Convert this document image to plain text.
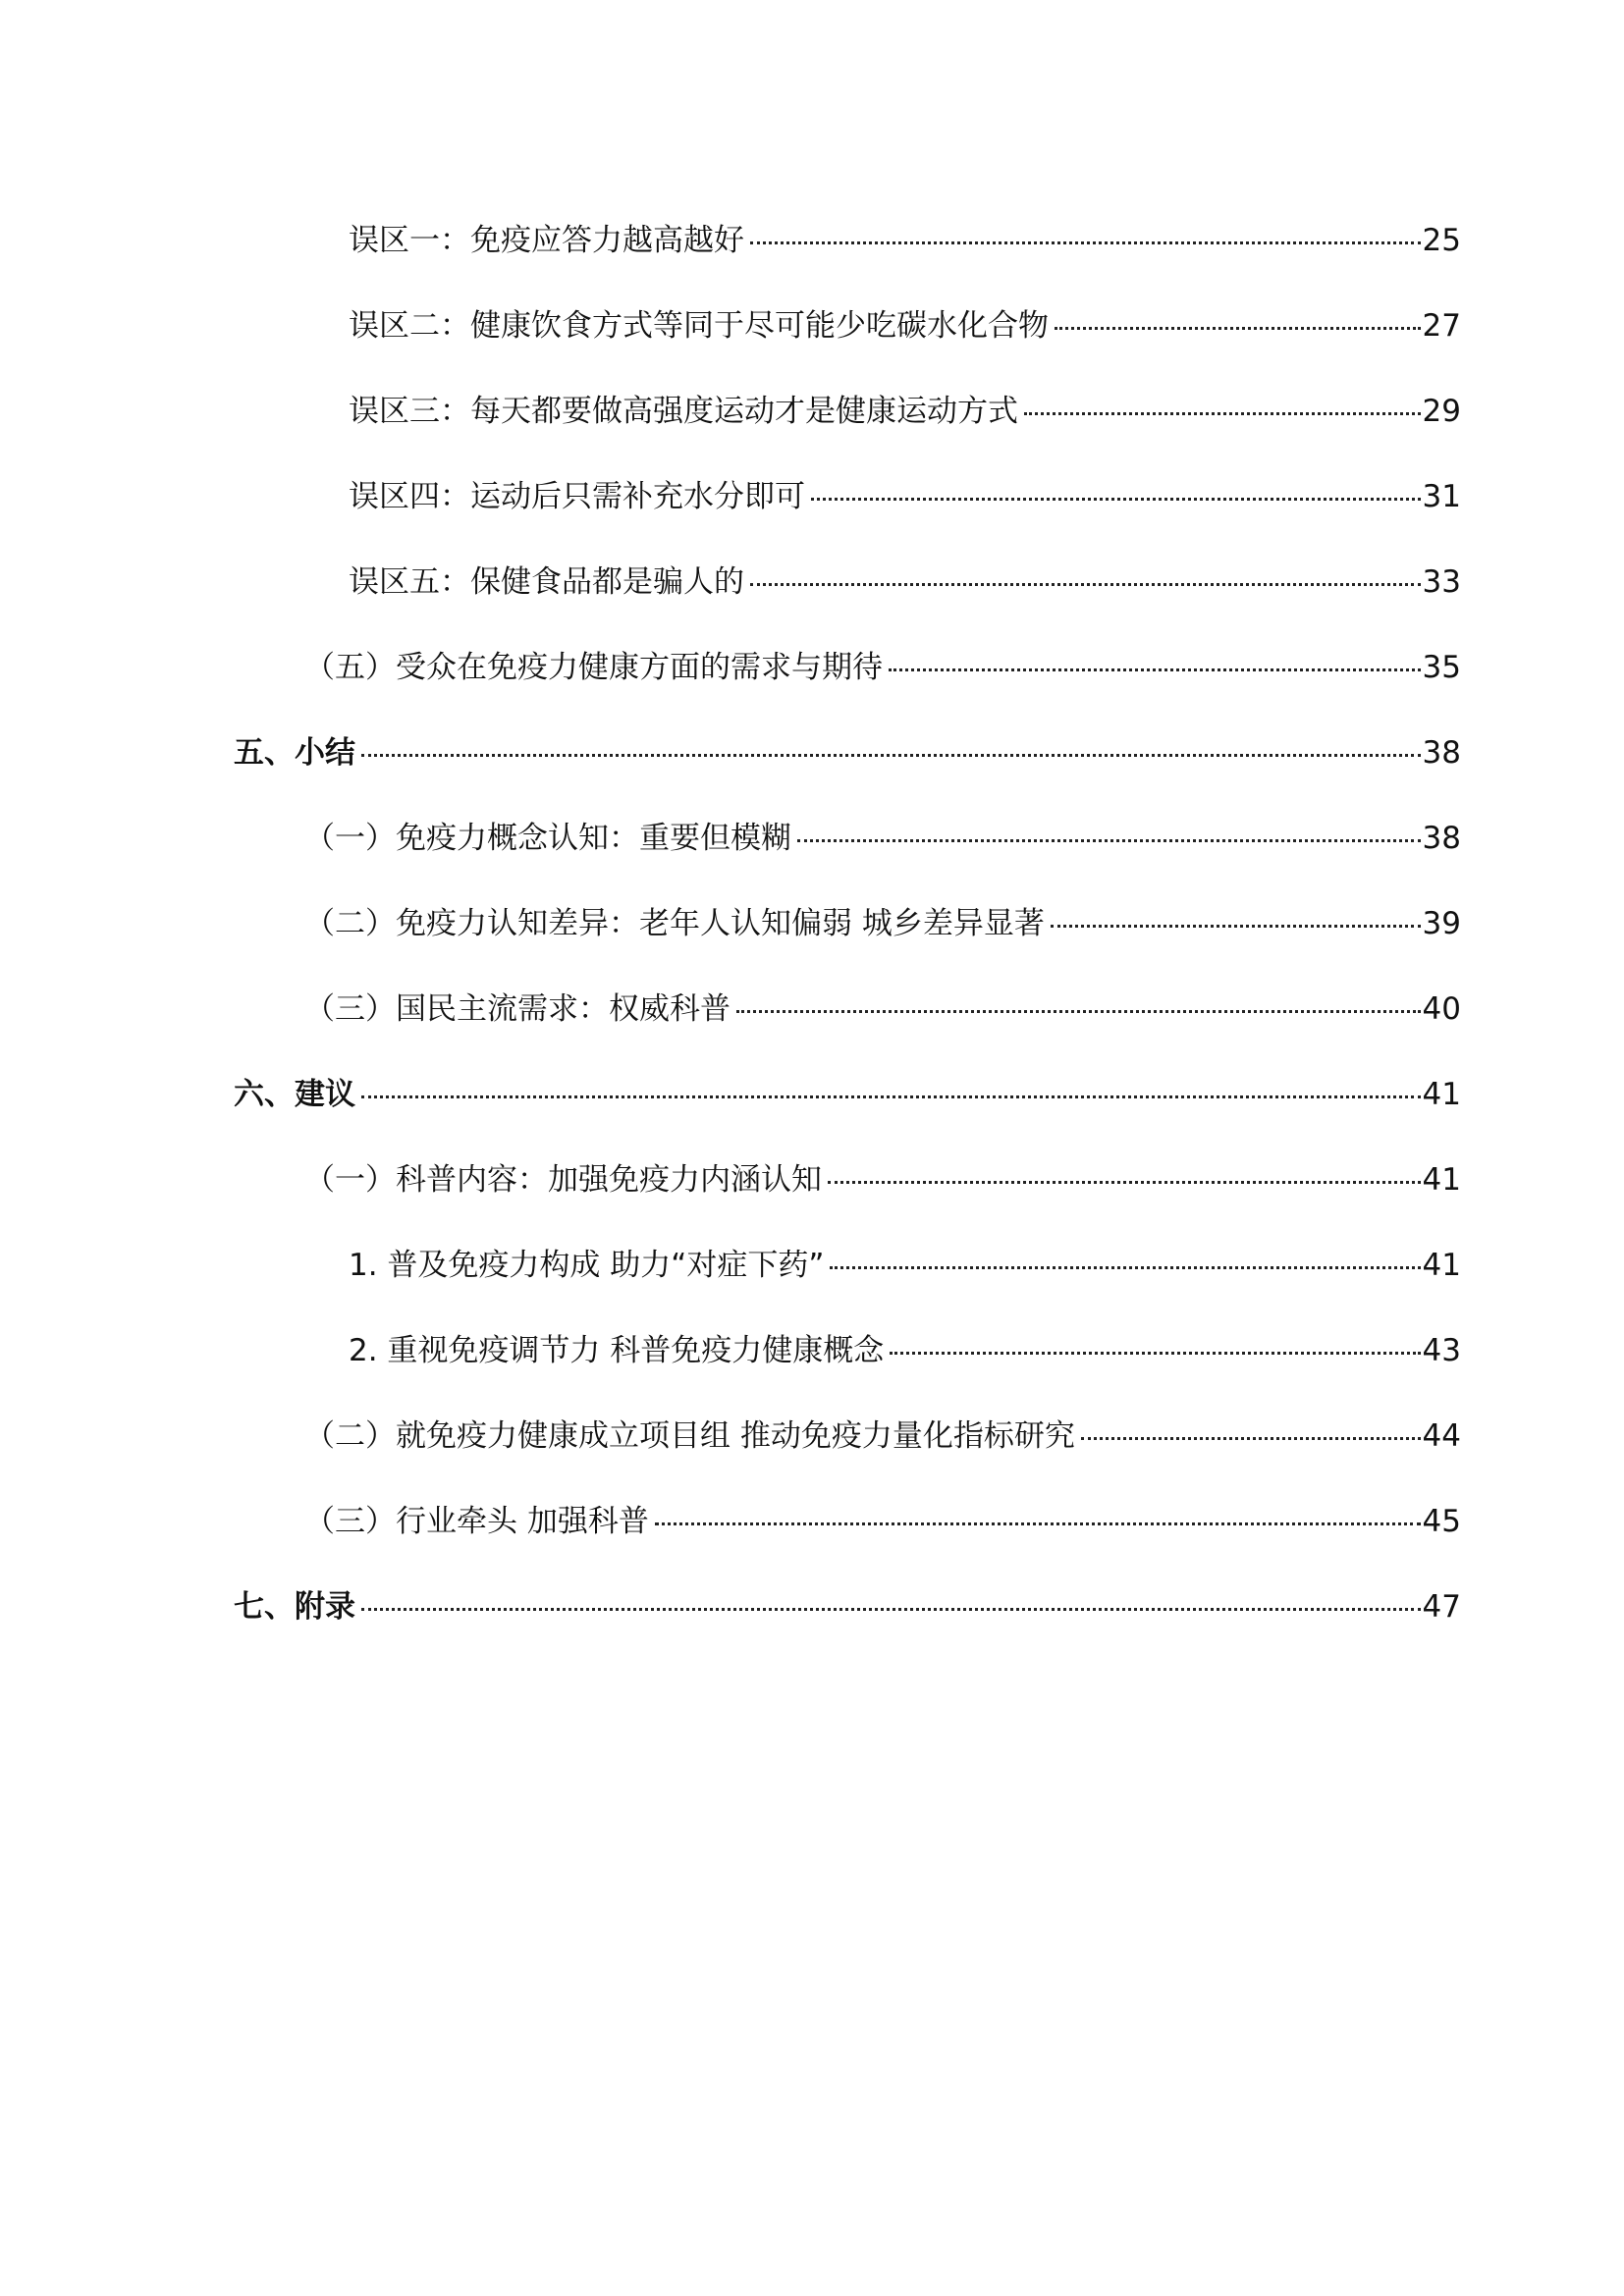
误区一：免疫应答力越高越好	25
误区二：健康饮食方式等同于尽可能少吃碳水化合物	27
误区三：每天都要做高强度运动才是健康运动方式	29
误区四：运动后只需补充水分即可	31
误区五：保健食品都是骗人的	33
（五）受众在免疫力健康方面的需求与期待	35
五、小结	38
（一）免疫力概念认知：重要但模糊	38
（二）免疫力认知差异：老年人认知偏弱 城乡差异显著	39
（三）国民主流需求：权威科普	40
六、建议	41
（一）科普内容：加强免疫力内涵认知	41
1. 普及免疫力构成 助力“对症下药”	41
2. 重视免疫调节力 科普免疫力健康概念	43
（二）就免疫力健康成立项目组 推动免疫力量化指标研究	44
（三）行业牵头 加强科普	45
七、附录	47
